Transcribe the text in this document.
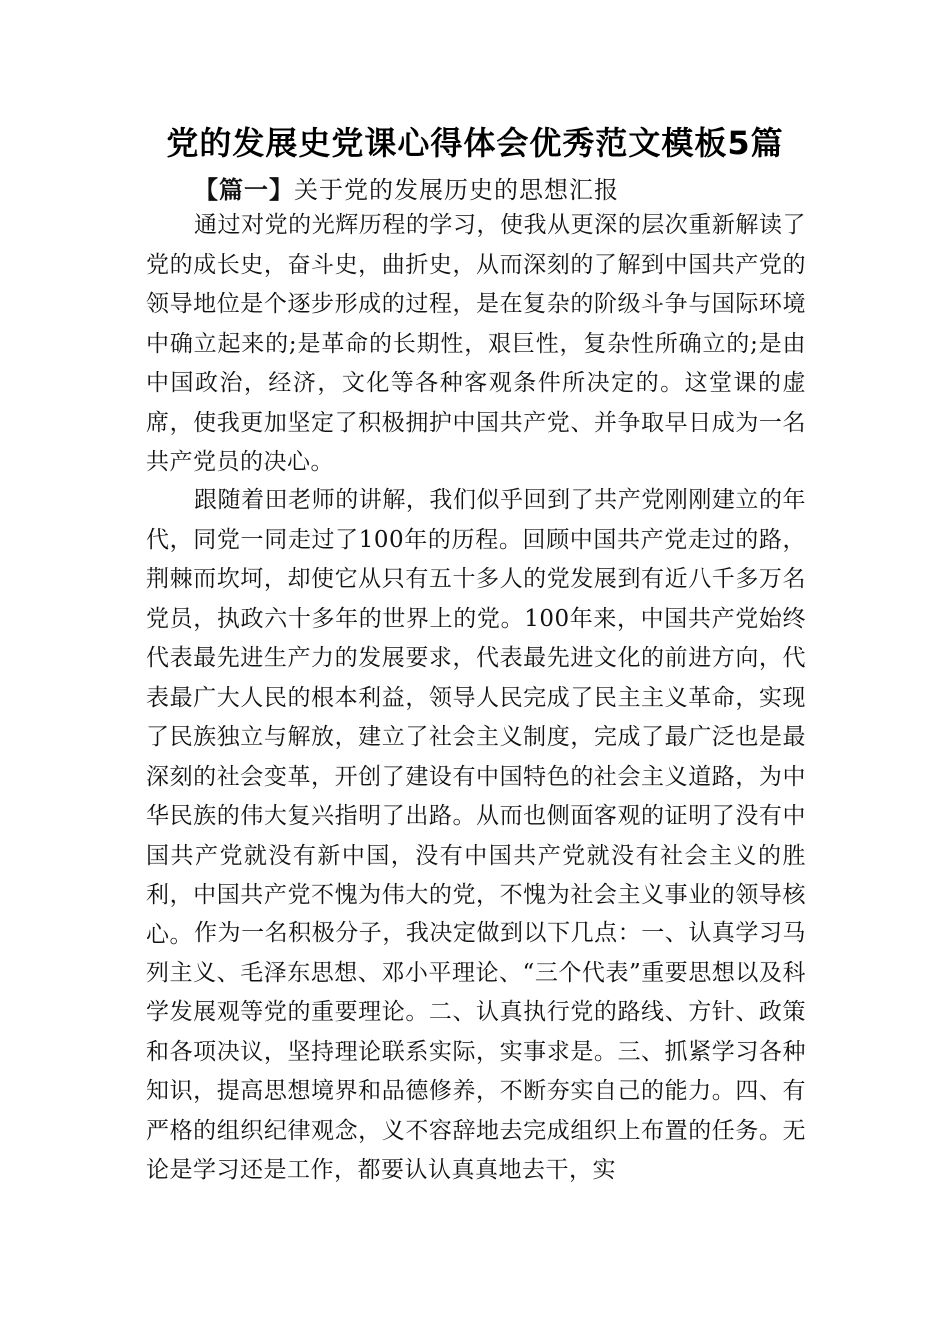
党的发展史党课心得体会优秀范文模板5篇
【篇一】关于党的发展历史的思想汇报

通过对党的光辉历程的学习，使我从更深的层次重新解读了党的成长史，奋斗史，曲折史，从而深刻的了解到中国共产党的领导地位是个逐步形成的过程，是在复杂的阶级斗争与国际环境中确立起来的;是革命的长期性，艰巨性，复杂性所确立的;是由中国政治，经济，文化等各种客观条件所决定的。这堂课的虚席，使我更加坚定了积极拥护中国共产党、并争取早日成为一名共产党员的决心。

跟随着田老师的讲解，我们似乎回到了共产党刚刚建立的年代，同党一同走过了100年的历程。回顾中国共产党走过的路，荆棘而坎坷，却使它从只有五十多人的党发展到有近八千多万名党员，执政六十多年的世界上的党。100年来，中国共产党始终代表最先进生产力的发展要求，代表最先进文化的前进方向，代表最广大人民的根本利益，领导人民完成了民主主义革命，实现了民族独立与解放，建立了社会主义制度，完成了最广泛也是最深刻的社会变革，开创了建设有中国特色的社会主义道路，为中华民族的伟大复兴指明了出路。从而也侧面客观的证明了没有中国共产党就没有新中国，没有中国共产党就没有社会主义的胜利，中国共产党不愧为伟大的党，不愧为社会主义事业的领导核心。 作为一名积极分子，我决定做到以下几点：一、认真学习马列主义、毛泽东思想、邓小平理论、“三个代表”重要思想以及科学发展观等党的重要理论。二、认真执行党的路线、方针、政策和各项决议，坚持理论联系实际，实事求是。三、抓紧学习各种知识，提高思想境界和品德修养，不断夯实自己的能力。四、有严格的组织纪律观念，义不容辞地去完成组织上布置的任务。无论是学习还是工作，都要认认真真地去干，实
